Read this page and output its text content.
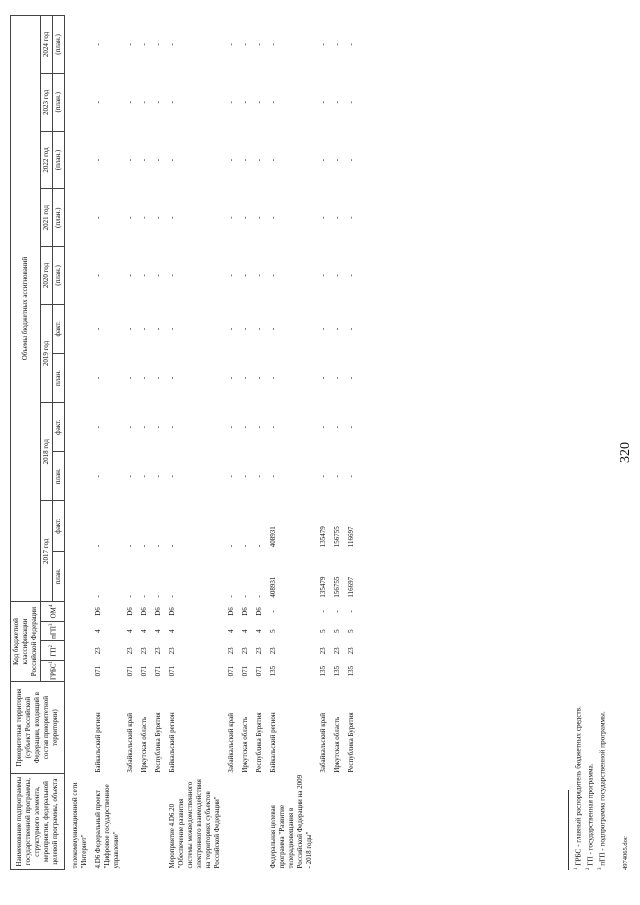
320
Наименование подпрограммы государственной программы, структурного элемента, мероприятия, федеральной целевой программы, объекта	Приоритетная территория (субъект Российской Федерации, входящий в состав приоритетной территории)	Код бюджетной классификации Российской Федерации				Объемы бюджетных ассигнований										
		ГРБС$^1$	$ГП^2$	пГП$^3$	$ОМ^4$	2017 год		2018 год		2019 год		2020 год	2021 год	2022 год	2023 год	2024 год
						план.	факт.	план.	факт.	план.	факт.	(план.)	(план.)	(план.)	(план.)	(план.)
телекоммуникационной сети "Интернет"																
4.D6 Федеральный проект "Цифровое государственное управление"	Байкальский регион	071	23	4	D6	-	-	-	-	-	-	-	-	-	-	-
	Забайкальский край	071	23	4	D6	-	-	-	-	-	-	-	-	-	-	-
	Иркутская область	071	23	4	D6	-	-	-	-	-	-	-	-	-	-	-
	Республика Бурятия	071	23	4	D6	-	-	-	-	-	-	-	-	-	-	-
Мероприятие 4.D6.20 "Обеспечение развития системы межведомственного электронного взаимодействия на территориях субъектов Российской Федерации"	Байкальский регион	071	23	4	D6	-	-	-	-	-	-	-	-	-	-	-
	Забайкальский край	071	23	4	D6	-	-	-	-	-	-	-	-	-	-	-
	Иркутская область	071	23	4	D6	-	-	-	-	-	-	-	-	-	-	-
	Республика Бурятия	071	23	4	D6	-	-	-	-	-	-	-	-	-	-	-
Федеральная целевая программа "Развитие телерадиовещания в Российской Федерации на 2009 - 2018 годы"	Байкальский регион	135	23	5	-	408931	408931	-	-	-	-	-	-	-	-	-
	Забайкальский край	135	23	5	-	135479	135479	-	-	-	-	-	-	-	-	-
	Иркутская область	135	23	5	-	156755	156755	-	-	-	-	-	-	-	-	-
	Республика Бурятия	135	23	5	-	116697	116697	-	-	-	-	-	-	-	-	-
$^1$ ГРБС - главный распорядитель бюджетных средств.
$^2$ ГП - государственная программа.
$^3$ пГП - подпрограмма государственной программы. 4974065.doc
